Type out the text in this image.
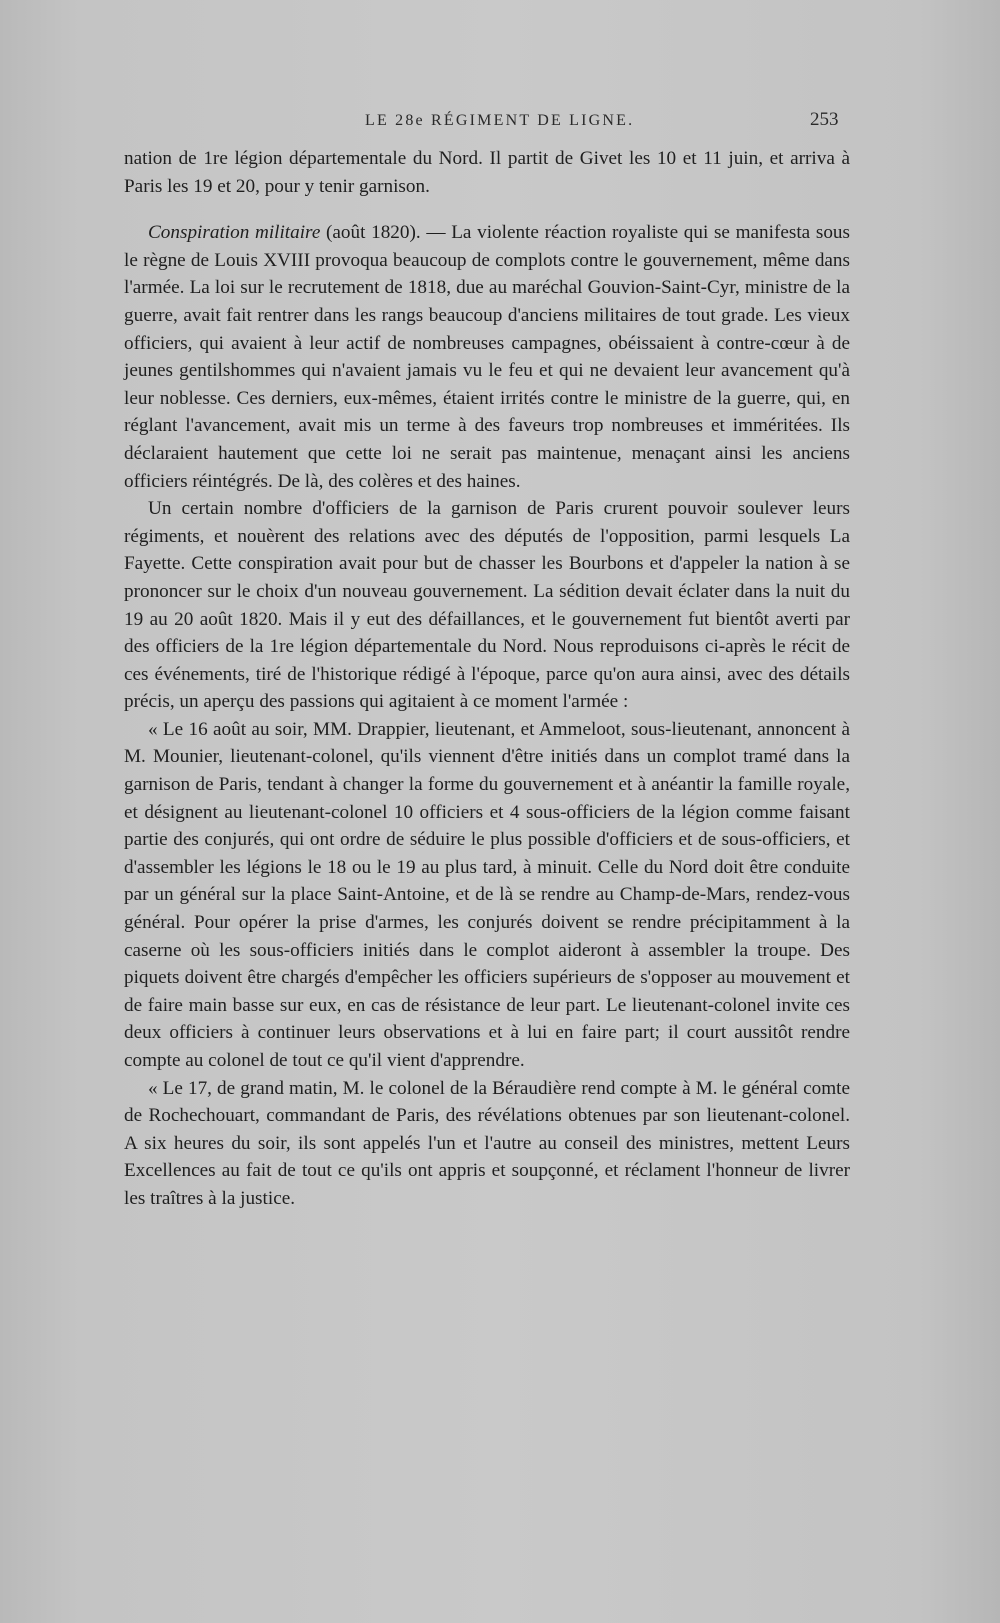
LE 28e RÉGIMENT DE LIGNE.	253

nation de 1re légion départementale du Nord. Il partit de Givet les 10 et 11 juin, et arriva à Paris les 19 et 20, pour y tenir garnison.

Conspiration militaire (août 1820). — La violente réaction royaliste qui se manifesta sous le règne de Louis XVIII provoqua beaucoup de complots contre le gouvernement, même dans l'armée. La loi sur le recrutement de 1818, due au maréchal Gouvion-Saint-Cyr, ministre de la guerre, avait fait rentrer dans les rangs beaucoup d'anciens militaires de tout grade. Les vieux officiers, qui avaient à leur actif de nombreuses campagnes, obéissaient à contre-cœur à de jeunes gentilshommes qui n'avaient jamais vu le feu et qui ne devaient leur avancement qu'à leur noblesse. Ces derniers, eux-mêmes, étaient irrités contre le ministre de la guerre, qui, en réglant l'avancement, avait mis un terme à des faveurs trop nombreuses et imméritées. Ils déclaraient hautement que cette loi ne serait pas maintenue, menaçant ainsi les anciens officiers réintégrés. De là, des colères et des haines.

Un certain nombre d'officiers de la garnison de Paris crurent pouvoir soulever leurs régiments, et nouèrent des relations avec des députés de l'opposition, parmi lesquels La Fayette. Cette conspiration avait pour but de chasser les Bourbons et d'appeler la nation à se prononcer sur le choix d'un nouveau gouvernement. La sédition devait éclater dans la nuit du 19 au 20 août 1820. Mais il y eut des défaillances, et le gouvernement fut bientôt averti par des officiers de la 1re légion départementale du Nord. Nous reproduisons ci-après le récit de ces événements, tiré de l'historique rédigé à l'époque, parce qu'on aura ainsi, avec des détails précis, un aperçu des passions qui agitaient à ce moment l'armée :

« Le 16 août au soir, MM. Drappier, lieutenant, et Ammeloot, sous-lieutenant, annoncent à M. Mounier, lieutenant-colonel, qu'ils viennent d'être initiés dans un complot tramé dans la garnison de Paris, tendant à changer la forme du gouvernement et à anéantir la famille royale, et désignent au lieutenant-colonel 10 officiers et 4 sous-officiers de la légion comme faisant partie des conjurés, qui ont ordre de séduire le plus possible d'officiers et de sous-officiers, et d'assembler les légions le 18 ou le 19 au plus tard, à minuit. Celle du Nord doit être conduite par un général sur la place Saint-Antoine, et de là se rendre au Champ-de-Mars, rendez-vous général. Pour opérer la prise d'armes, les conjurés doivent se rendre précipitamment à la caserne où les sous-officiers initiés dans le complot aideront à assembler la troupe. Des piquets doivent être chargés d'empêcher les officiers supérieurs de s'opposer au mouvement et de faire main basse sur eux, en cas de résistance de leur part. Le lieutenant-colonel invite ces deux officiers à continuer leurs observations et à lui en faire part; il court aussitôt rendre compte au colonel de tout ce qu'il vient d'apprendre.

« Le 17, de grand matin, M. le colonel de la Béraudière rend compte à M. le général comte de Rochechouart, commandant de Paris, des révélations obtenues par son lieutenant-colonel. A six heures du soir, ils sont appelés l'un et l'autre au conseil des ministres, mettent Leurs Excellences au fait de tout ce qu'ils ont appris et soupçonné, et réclament l'honneur de livrer les traîtres à la justice.
